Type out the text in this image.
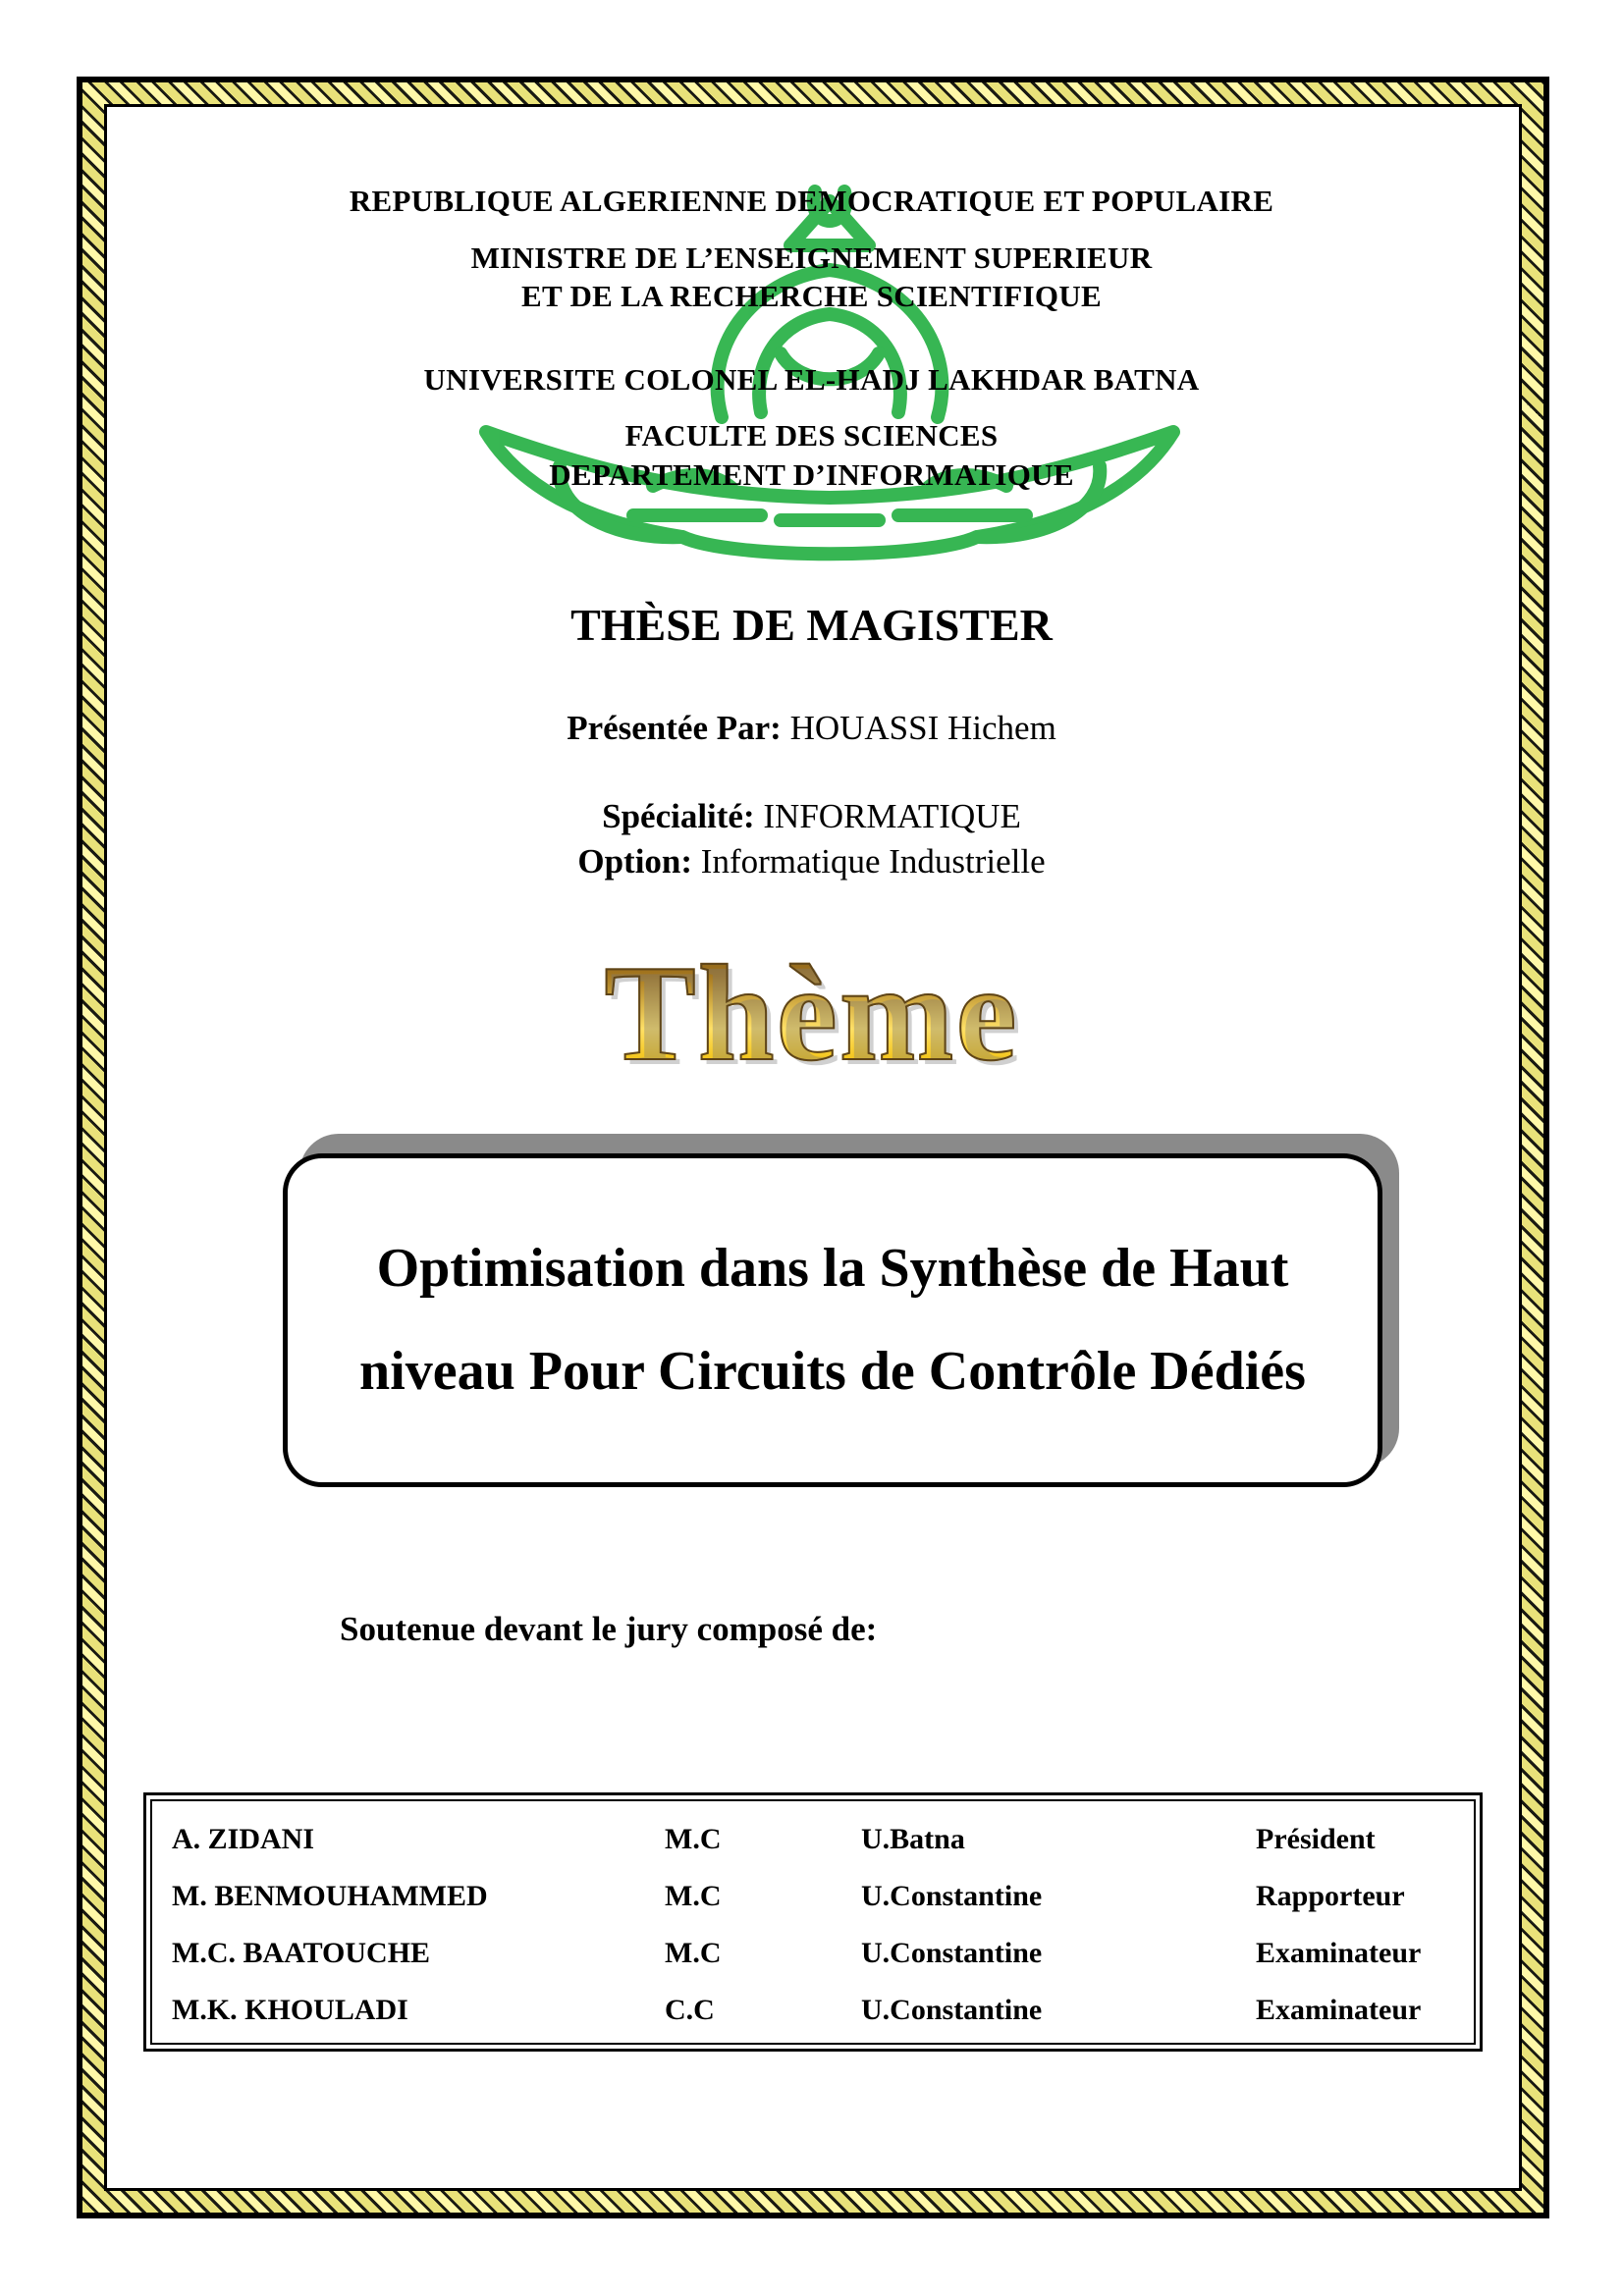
REPUBLIQUE ALGERIENNE DEMOCRATIQUE ET POPULAIRE
MINISTRE DE L’ENSEIGNEMENT SUPERIEUR
ET DE LA RECHERCHE SCIENTIFIQUE
UNIVERSITE COLONEL EL-HADJ LAKHDAR BATNA
FACULTE DES SCIENCES
DEPARTEMENT D’INFORMATIQUE
THÈSE DE MAGISTER
Présentée Par: HOUASSI Hichem
Spécialité: INFORMATIQUE
Option: Informatique Industrielle
Thème
Optimisation dans la Synthèse de Haut niveau Pour Circuits de Contrôle Dédiés
Soutenue devant le jury composé de:
A. ZIDANI	M.C	U.Batna	Président
M. BENMOUHAMMED	M.C	U.Constantine	Rapporteur
M.C. BAATOUCHE	M.C	U.Constantine	Examinateur
M.K. KHOULADI	C.C	U.Constantine	Examinateur
